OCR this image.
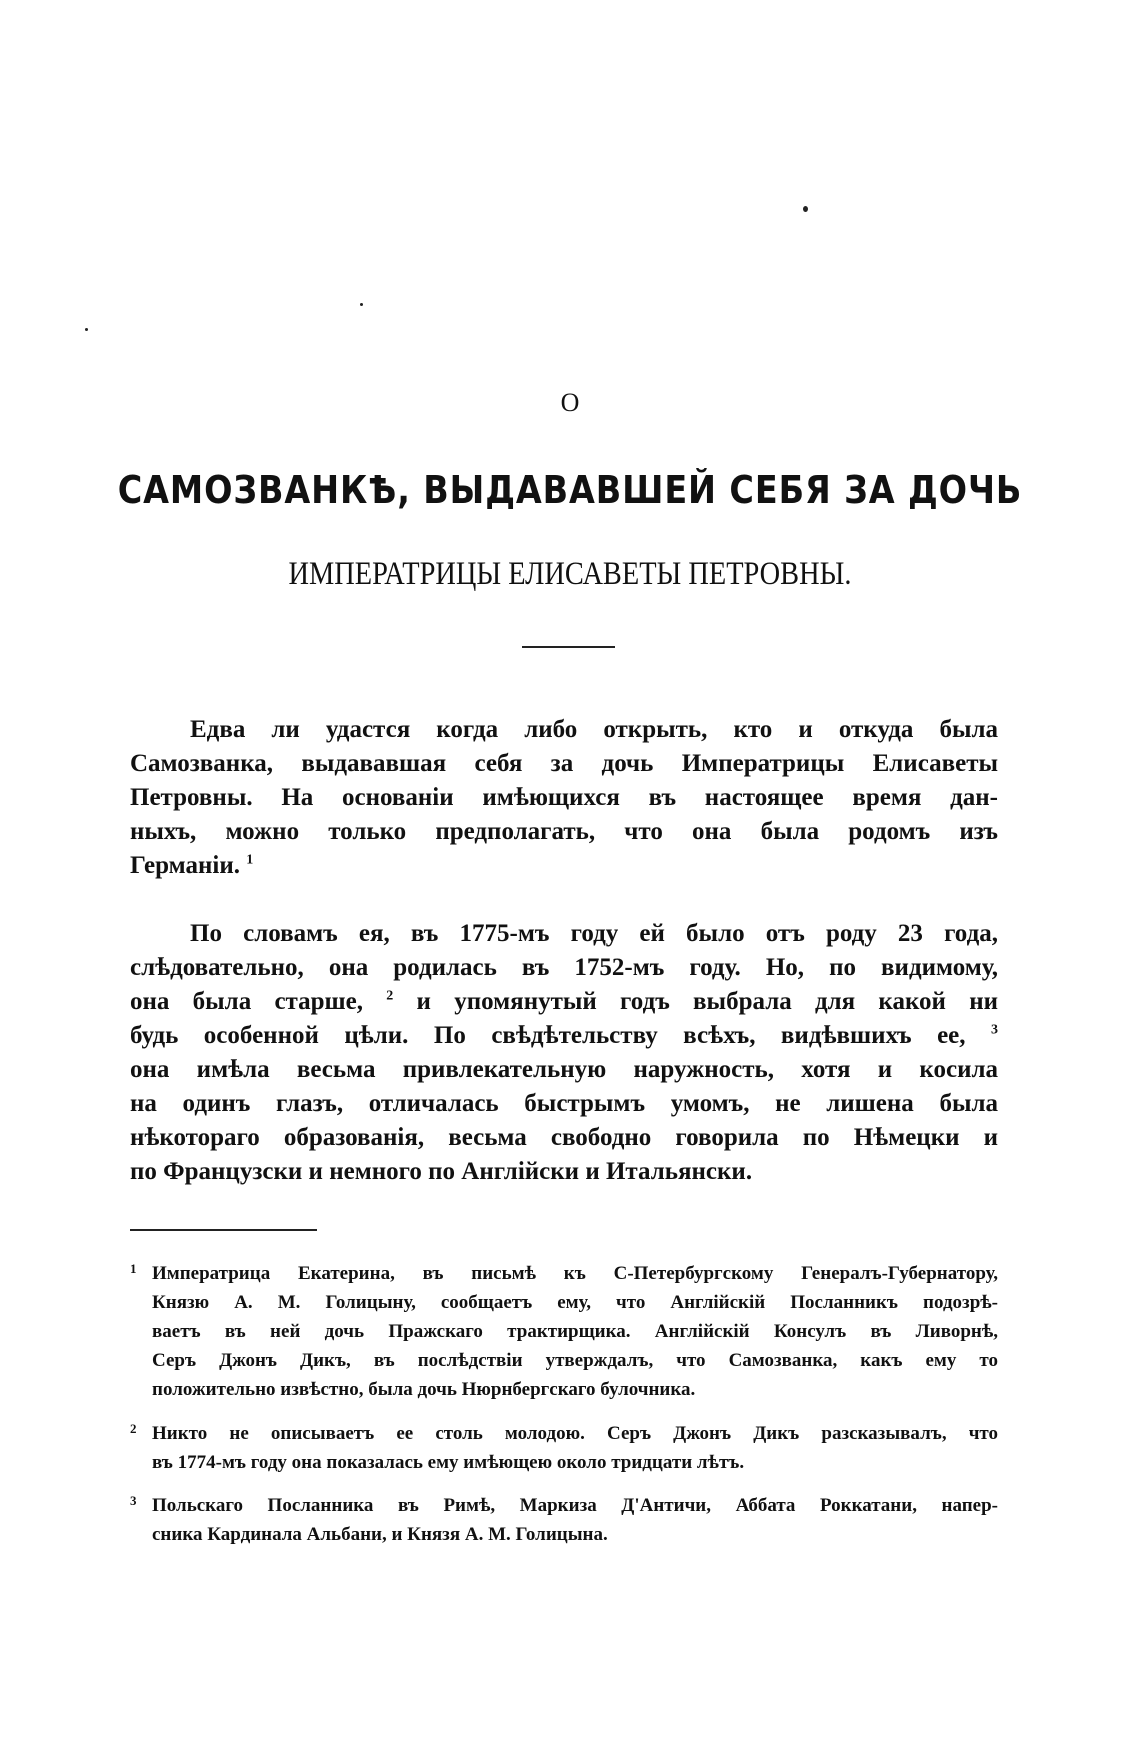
О
САМОЗВАНКѢ, ВЫДАВАВШЕЙ СЕБЯ ЗА ДОЧЬ
ИМПЕРАТРИЦЫ ЕЛИСАВЕТЫ ПЕТРОВНЫ.
Едва ли удастся когда либо открыть, кто и откуда была
Самозванка, выдававшая себя за дочь Императрицы Елисаветы
Петровны. На основаніи имѣющихся въ настоящее время дан-
ныхъ, можно только предполагать, что она была родомъ изъ
Германіи. $^1$
По словамъ ея, въ 1775-мъ году ей было отъ роду 23 года,
слѣдовательно, она родилась въ 1752-мъ году. Но, по видимому,
она была старше, $^2$ и упомянутый годъ выбрала для какой ни
будь особенной цѣли. По свѣдѣтельству всѣхъ, видѣвшихъ ее, $^3$
она имѣла весьма привлекательную наружность, хотя и косила
на одинъ глазъ, отличалась быстрымъ умомъ, не лишена была
нѣкотораго образованія, весьма свободно говорила по Нѣмецки и
по Французски и немного по Англійски и Итальянски.
1 Императрица Екатерина, въ письмѣ къ С-Петербургскому Генералъ-Губернатору,
Князю А. М. Голицыну, сообщаетъ ему, что Англійскій Посланникъ подозрѣ-
ваетъ въ ней дочь Пражскаго трактирщика. Англійскій Консулъ въ Ливорнѣ,
Серъ Джонъ Дикъ, въ послѣдствіи утверждалъ, что Самозванка, какъ ему то
положительно извѣстно, была дочь Нюрнбергскаго булочника.
2 Никто не описываетъ ее столь молодою. Серъ Джонъ Дикъ разсказывалъ, что
въ 1774-мъ году она показалась ему имѣющею около тридцати лѣтъ.
3 Польскаго Посланника въ Римѣ, Маркиза Д'Античи, Аббата Роккатани, напер-
сника Кардинала Альбани, и Князя А. М. Голицына.
